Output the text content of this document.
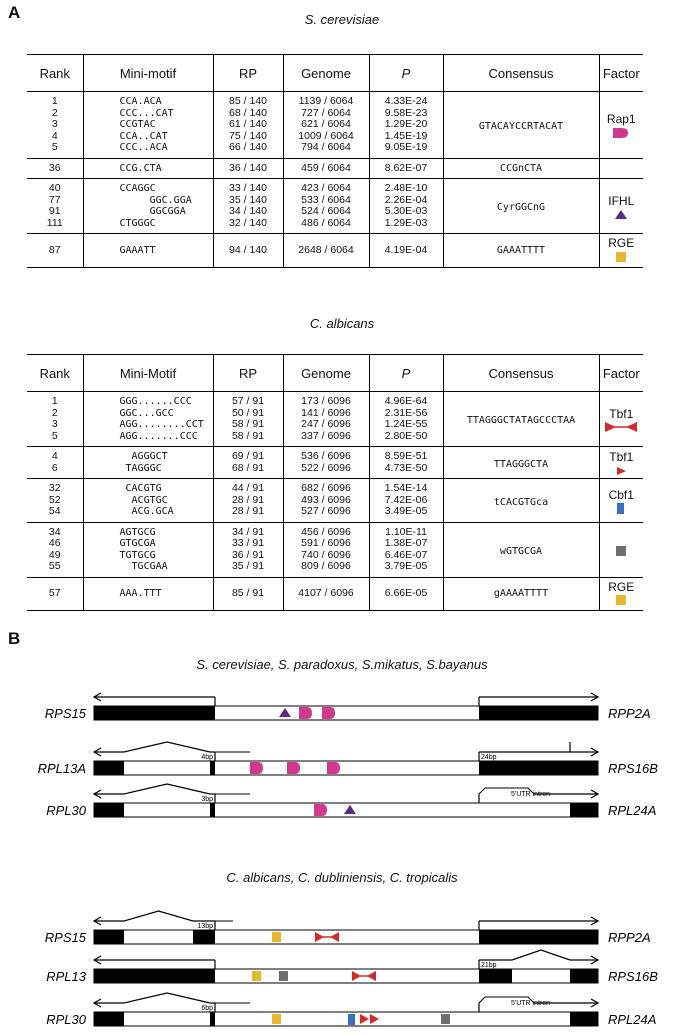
A	S. cerevisiae
Rank	Mini-motif	RP	Genome	P	Consensus	Factor
1	CCA.ACA	85 / 140	1139 / 6064	4.33E-24	GTACAYCCRTACAT	Rap1
2	CCC...CAT	68 / 140	727 / 6064	9.58E-23		
3	CCGTAC	61 / 140	621 / 6064	1.29E-20		
4	CCA..CAT	75 / 140	1009 / 6064	1.45E-19		
5	CCC..ACA	66 / 140	794 / 6064	9.05E-19		
36	CCG.CTA	36 / 140	459 / 6064	8.62E-07	CCGnCTA	
40	CCAGGC	33 / 140	423 / 6064	2.48E-10	CyrGGCnG	IFHL
77	GGC.GGA	35 / 140	533 / 6064	2.26E-04		
91	GGCGGA	34 / 140	524 / 6064	5.30E-03		
111	CTGGGC	32 / 140	486 / 6064	1.29E-03		
87	GAAATT	94 / 140	2648 / 6064	4.19E-04	GAAATTTT	RGE
C. albicans
Rank	Mini-Motif	RP	Genome	P	Consensus	Factor
1	GGG......CCC	57 / 91	173 / 6096	4.96E-64	TTAGGGCTATAGCCCTAA	Tbf1
2	GGC...GCC	50 / 91	141 / 6096	2.31E-56		
3	AGG........CCT	58 / 91	247 / 6096	1.24E-55		
5	AGG.......CCC	58 / 91	337 / 6096	2.80E-50		
4	AGGGCT	69 / 91	536 / 6096	8.59E-51	TTAGGGCTA	Tbf1
6	TAGGGC	68 / 91	522 / 6096	4.73E-50		
32	CACGTG	44 / 91	682 / 6096	1.54E-14	tCACGTGca	Cbf1
52	ACGTGC	28 / 91	493 / 6096	7.42E-06		
54	ACG.GCA	28 / 91	527 / 6096	3.49E-05		
34	AGTGCG	34 / 91	456 / 6096	1.10E-11	wGTGCGA	
46	GTGCGA	33 / 91	591 / 6096	1.38E-07		
49	TGTGCG	36 / 91	740 / 6096	6.46E-07		
55	TGCGAA	35 / 91	809 / 6096	3.79E-05		
57	AAA.TTT	85 / 91	4107 / 6096	6.66E-05	gAAAATTTT	RGE
B
S. cerevisiae, S. paradoxus, S.mikatus, S.bayanus
C. albicans, C. dubliniensis, C. tropicalis
RPS15	RPP2A
RPL13A	RPS16B
4bp	24bp
RPL30	RPL24A
3bp
5'UTR intron
RPS15	RPP2A
13bp
RPL13	RPS16B
21bp
RPL30	RPL24A
6bp
5'UTR intron
